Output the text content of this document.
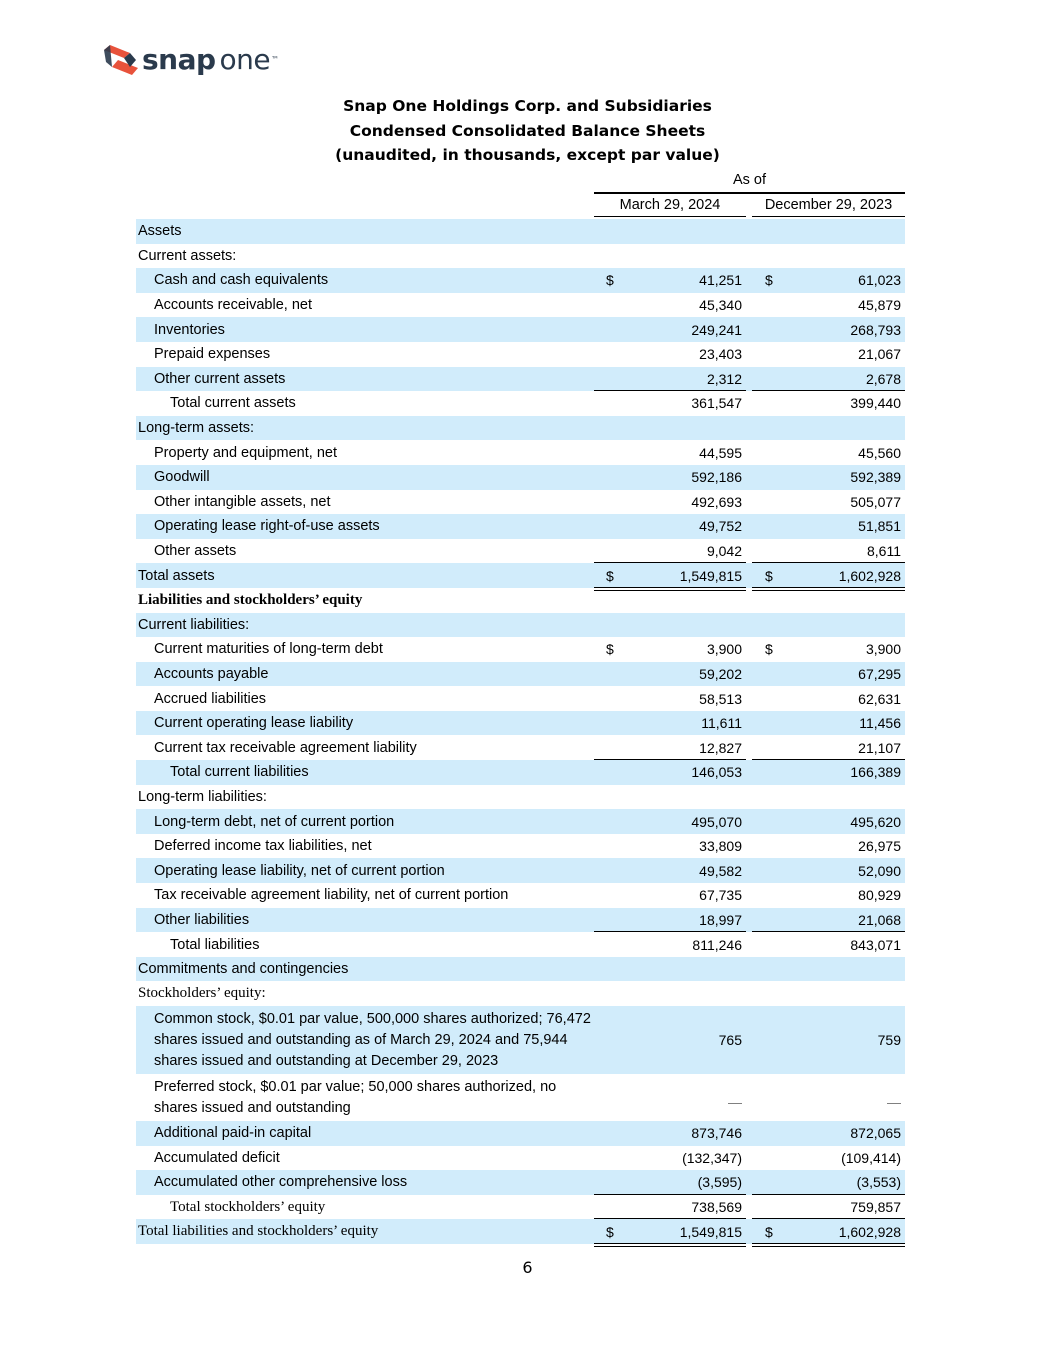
snap one™
Snap One Holdings Corp. and Subsidiaries
Condensed Consolidated Balance Sheets
(unaudited, in thousands, except par value)
As of
March 29, 2024	December 29, 2023
Assets
Current assets:
Cash and cash equivalents	$	41,251 $	61,023
Accounts receivable, net	45,340	45,879
Inventories	249,241	268,793
Prepaid expenses	23,403	21,067
Other current assets	2,312	2,678
Total current assets	361,547	399,440
Long-term assets:
Property and equipment, net	44,595	45,560
Goodwill	592,186	592,389
Other intangible assets, net	492,693	505,077
Operating lease right-of-use assets	49,752	51,851
Other assets	9,042	8,611
Total assets	$	1,549,815 $	1,602,928
Liabilities and stockholders’ equity
Current liabilities:
Current maturities of long-term debt	$	3,900 $	3,900
Accounts payable	59,202	67,295
Accrued liabilities	58,513	62,631
Current operating lease liability	11,611	11,456
Current tax receivable agreement liability	12,827	21,107
Total current liabilities	146,053	166,389
Long-term liabilities:
Long-term debt, net of current portion	495,070	495,620
Deferred income tax liabilities, net	33,809	26,975
Operating lease liability, net of current portion	49,582	52,090
Tax receivable agreement liability, net of current portion	67,735	80,929
Other liabilities	18,997	21,068
Total liabilities	811,246	843,071
Commitments and contingencies
Stockholders’ equity:
Common stock, $0.01 par value, 500,000 shares authorized; 76,472 shares issued and outstanding as of March 29, 2024 and 75,944 shares issued and outstanding at December 29, 2023
765	759
Preferred stock, $0.01 par value; 50,000 shares authorized, no shares issued and outstanding	—	—
Additional paid-in capital	873,746	872,065
Accumulated deficit	(132,347)	(109,414)
Accumulated other comprehensive loss	(3,595)	(3,553)
Total stockholders’ equity	738,569	759,857
Total liabilities and stockholders’ equity	$	1,549,815 $	1,602,928
6
